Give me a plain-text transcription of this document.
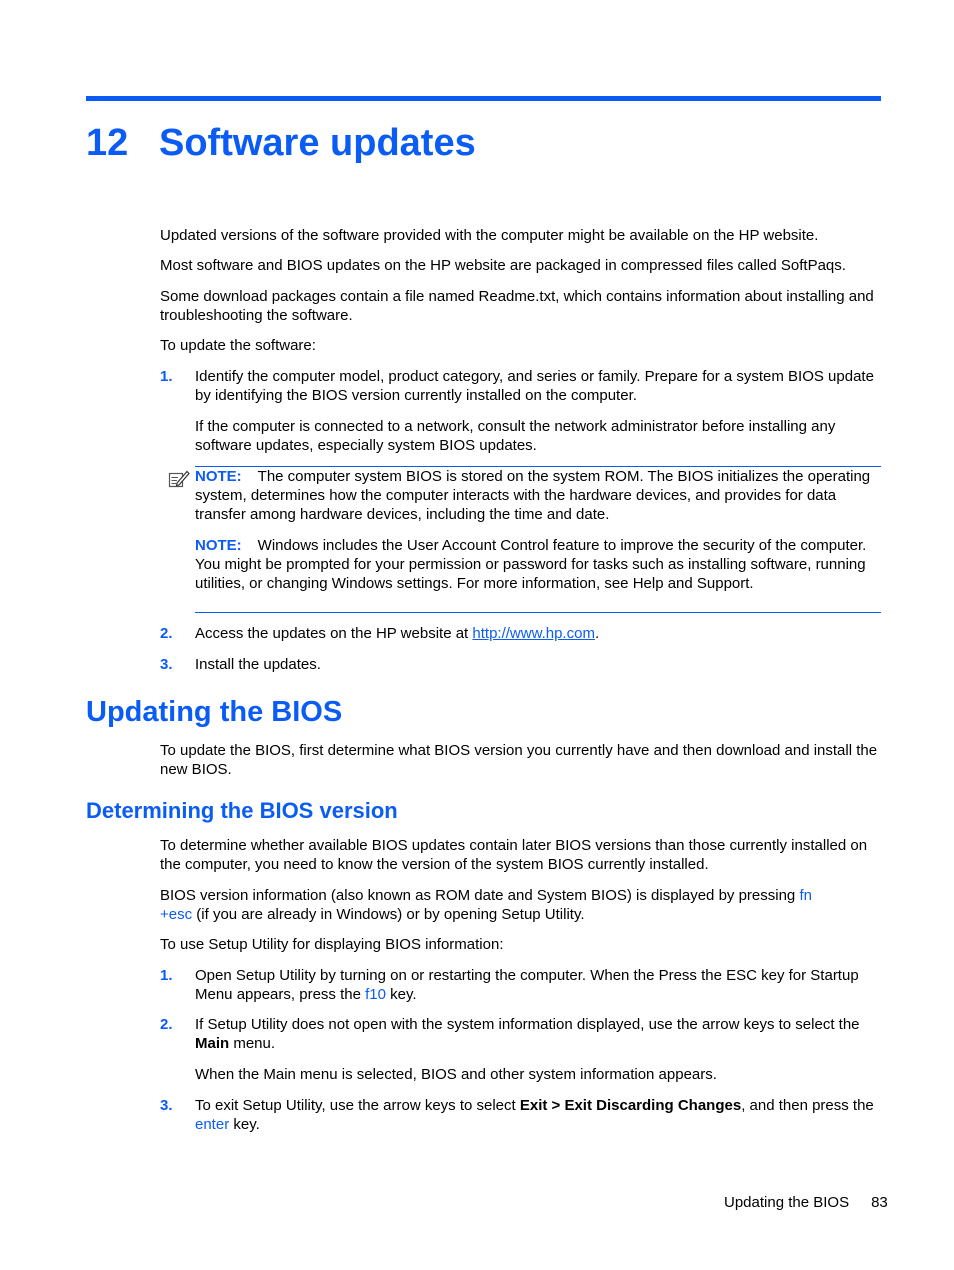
12 Software updates

Updated versions of the software provided with the computer might be available on the HP website.

Most software and BIOS updates on the HP website are packaged in compressed files called SoftPaqs.

Some download packages contain a file named Readme.txt, which contains information about installing and troubleshooting the software.

To update the software:

1. Identify the computer model, product category, and series or family. Prepare for a system BIOS update by identifying the BIOS version currently installed on the computer.

If the computer is connected to a network, consult the network administrator before installing any software updates, especially system BIOS updates.

NOTE: The computer system BIOS is stored on the system ROM. The BIOS initializes the operating system, determines how the computer interacts with the hardware devices, and provides for data transfer among hardware devices, including the time and date.

NOTE: Windows includes the User Account Control feature to improve the security of the computer. You might be prompted for your permission or password for tasks such as installing software, running utilities, or changing Windows settings. For more information, see Help and Support.

2. Access the updates on the HP website at http://www.hp.com.

3. Install the updates.

Updating the BIOS

To update the BIOS, first determine what BIOS version you currently have and then download and install the new BIOS.

Determining the BIOS version

To determine whether available BIOS updates contain later BIOS versions than those currently installed on the computer, you need to know the version of the system BIOS currently installed.

BIOS version information (also known as ROM date and System BIOS) is displayed by pressing fn
+esc (if you are already in Windows) or by opening Setup Utility.

To use Setup Utility for displaying BIOS information:

1. Open Setup Utility by turning on or restarting the computer. When the Press the ESC key for Startup Menu appears, press the f10 key.

2. If Setup Utility does not open with the system information displayed, use the arrow keys to select the Main menu.

When the Main menu is selected, BIOS and other system information appears.

3. To exit Setup Utility, use the arrow keys to select Exit > Exit Discarding Changes, and then press the enter key.

Updating the BIOS 83
